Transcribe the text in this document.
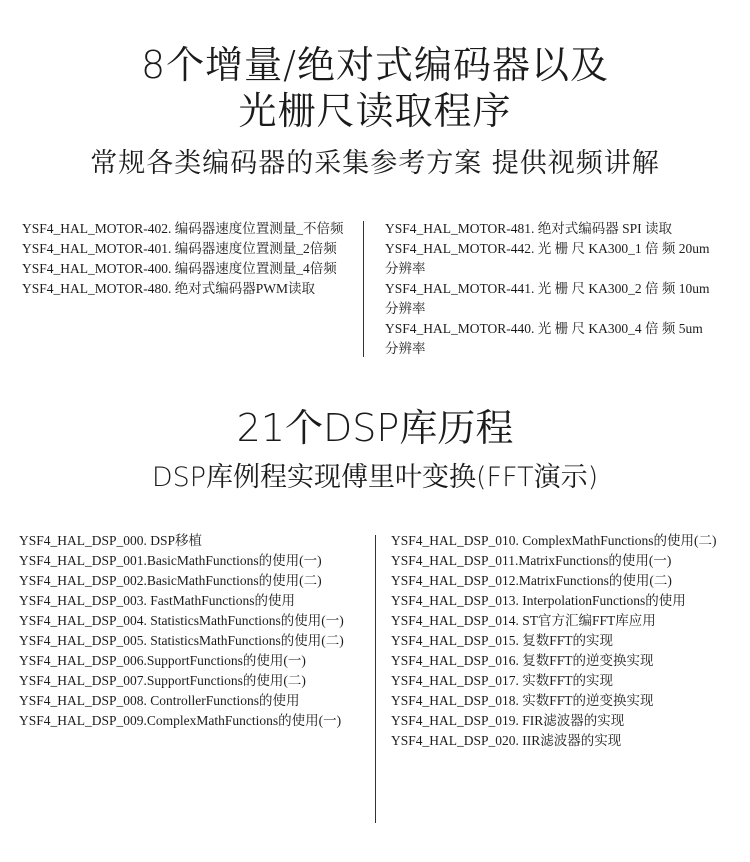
8个增量/绝对式编码器以及
光栅尺读取程序
常规各类编码器的采集参考方案 提供视频讲解
YSF4_HAL_MOTOR-402. 编码器速度位置测量_不倍频
YSF4_HAL_MOTOR-401. 编码器速度位置测量_2倍频
YSF4_HAL_MOTOR-400. 编码器速度位置测量_4倍频
YSF4_HAL_MOTOR-480. 绝对式编码器PWM读取
YSF4_HAL_MOTOR-481. 绝对式编码器 SPI 读取
YSF4_HAL_MOTOR-442. 光 栅 尺 KA300_1 倍 频 20um 分辨率
YSF4_HAL_MOTOR-441. 光 栅 尺 KA300_2 倍 频 10um 分辨率
YSF4_HAL_MOTOR-440. 光 栅 尺 KA300_4 倍 频 5um 分辨率
21个DSP库历程
DSP库例程实现傅里叶变换(FFT演示)
YSF4_HAL_DSP_000. DSP移植
YSF4_HAL_DSP_001.BasicMathFunctions的使用(一)
YSF4_HAL_DSP_002.BasicMathFunctions的使用(二)
YSF4_HAL_DSP_003. FastMathFunctions的使用
YSF4_HAL_DSP_004. StatisticsMathFunctions的使用(一)
YSF4_HAL_DSP_005. StatisticsMathFunctions的使用(二)
YSF4_HAL_DSP_006.SupportFunctions的使用(一)
YSF4_HAL_DSP_007.SupportFunctions的使用(二)
YSF4_HAL_DSP_008. ControllerFunctions的使用
YSF4_HAL_DSP_009.ComplexMathFunctions的使用(一)
YSF4_HAL_DSP_010. ComplexMathFunctions的使用(二)
YSF4_HAL_DSP_011.MatrixFunctions的使用(一)
YSF4_HAL_DSP_012.MatrixFunctions的使用(二)
YSF4_HAL_DSP_013. InterpolationFunctions的使用
YSF4_HAL_DSP_014. ST官方汇编FFT库应用
YSF4_HAL_DSP_015. 复数FFT的实现
YSF4_HAL_DSP_016. 复数FFT的逆变换实现
YSF4_HAL_DSP_017. 实数FFT的实现
YSF4_HAL_DSP_018. 实数FFT的逆变换实现
YSF4_HAL_DSP_019. FIR滤波器的实现
YSF4_HAL_DSP_020. IIR滤波器的实现
